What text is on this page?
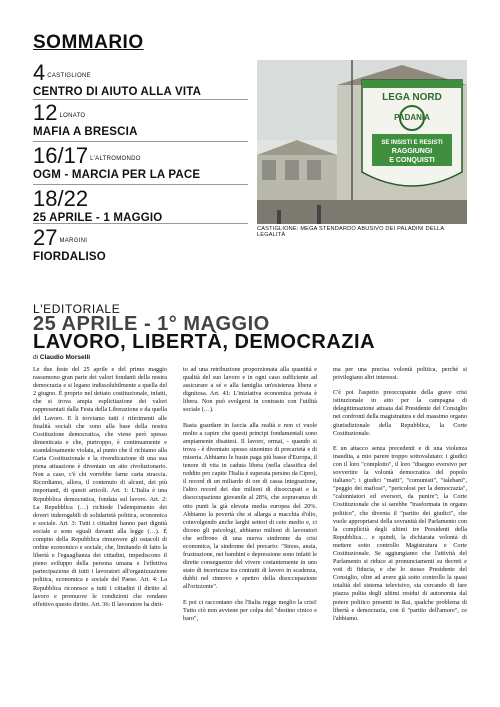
SOMMARIO
4 $^{CASTIGLIONE}$
CENTRO DI AIUTO ALLA VITA
12 $^{LONATO}$
MAFIA A BRESCIA
16/17 $^{L'ALTROMONDO}$
OGM - MARCIA PER LA PACE
18/22
25 APRILE - 1 MAGGIO
27 $^{MARGINI}$
FIORDALISO
LEGA NORD
PADANIA
SE INSISTI E RESISTI
RAGGIUNGI
E CONQUISTI
CASTIGLIONE: MEGA STENDARDO ABUSIVO DEI PALADINI DELLA LEGALITÀ
L'EDITORIALE
25 APRILE - 1° MAGGIO
LAVORO, LIBERTÀ, DEMOCRAZIA
di Claudio Morselli

Le due feste del 25 aprile e del primo maggio rassumono gran parte dei valori fondanti della nostra democrazia e si legano indissolubilmente a quella del 2 giugno. È proprio nel dettato costituzionale, infatti, che si trova ampia esplicitazione dei valori rappresentati dalla Festa della Liberazione e da quella del Lavoro. E li troviamo tutti i riferimenti alle finalità sociali che sono alla base della nostra Costituzione democratica, che viene però spesso dimenticata e che, purtroppo, è continuamente e scandalosamente violata, al punto che il richiamo alla Carta Costituzionale e la rivendicazione di una sua piena attuazione è diventato un atto rivoluzionario. Non a caso, c'è chi vorrebbe farne carta straccia. Ricordiamo, allora, il contenuto di alcuni, dei più importanti, di questi articoli. Art. 1: L'Italia è una Repubblica democratica, fondata sul lavoro. Art. 2: La Repubblica (…) richiede l'adempimento dei doveri inderogabili di solidarietà politica, economica e sociale. Art. 3: Tutti i cittadini hanno pari dignità sociale e sono eguali davanti alla legge (…). È compito della Repubblica rimuovere gli ostacoli di ordine economico e sociale, che, limitando di fatto la libertà e l'eguaglianza dei cittadini, impediscono il pieno sviluppo della persona umana e l'effettiva partecipazione di tutti i lavoratori all'organizzazione politica, economica e sociale del Paese. Art. 4: La Repubblica riconosce a tutti i cittadini il diritto al lavoro e promuove le condizioni che rendano effettivo questo diritto. Art. 36: Il lavoratore ha dirit-

to ad una retribuzione proporzionata alla quantità e qualità del suo lavoro e in ogni caso sufficiente ad assicurare a sé e alla famiglia un'esistenza libera e dignitosa. Art. 41: L'iniziativa economica privata è libera. Non può svolgersi in contrasto con l'utilità sociale (…).

Basta guardare in faccia alla realtà e non ci vuole molto a capire che questi principi fondamentali sono ampiamente disattesi. Il lavoro, ormai, - quando si trova - è diventato spesso sinonimo di precarietà e di miseria. Abbiamo le buste paga più basse d'Europa, il tenore di vita in caduta libera (nella classifica del reddito pro capite l'Italia è superata persino da Cipro), il record di un miliardo di ore di cassa integrazione, l'altro record dei due milioni di disoccupati e la disoccupazione giovanile al 28%, che sopravanza di otto punti la già elevata media europea del 20%. Abbiamo la povertà che si allarga a macchia d'olio, coinvolgendo anche larghi settori di ceto medio e, ci dicono gli psicologi, abbiamo milioni di lavoratori che soffrono di una nuova sindrome da crisi economica, la sindrome del precario: "Stress, ansia, frustrazione, nei bambini e depressione sono infatti le dirette conseguenze del vivere costantemente in uno stato di incertezza tra contratti di lavoro in scadenza, dubbi nel rinnovo e spettro della disoccupazione all'orizzonte".

E poi ci raccontano che l'Italia regge meglio la crisi! Tutto ciò non avviene per colpa del "destino cinico e baro",

ma per una precisa volontà politica, perché si privilegiano altri interessi.

C'è poi l'aspetto preoccupante della grave crisi istituzionale in atto per la campagna di delegittimazione attuata dal Presidente del Consiglio nei confronti della magistratura e del massimo organo giurisdizionale della Repubblica, la Corte Costituzionale.

E un attacco senza precedenti e di una violenza inaudita, a mio parere troppo sottovalutato: i giudici con il loro "complotto", il loro "disegno eversivo per sovvertire la volontà democratica del popolo italiano"; i giudici "matti", "comunisti", "talebani", "peggio dei mafiosi", "pericolosi per la democrazia", "calunniatori ed eversori, da punire"; la Corte Costituzionale che si sarebbe "trasformata in organo politico", che diventa il "partito dei giudici", che vuole appropriarsi della sovranità del Parlamento con la complicità degli ultimi tre Presidenti della Repubblica… e quindi, la dichiarata volontà di mettere sotto controllo Magistratura e Corte Costituzionale. Se aggiungiamo che l'attività del Parlamento si riduce ai pronunciamenti su decreti e voti di fiducia, e che lo stesso Presidente del Consiglio, oltre ad avere già sotto controllo la quasi totalità del sistema televisivo, sta cercando di fare piazza pulita degli ultimi residui di autonomia dal potere politico presenti in Rai, qualche problema di libertà e democrazia, con il "partito dell'amore", ce l'abbiamo.
